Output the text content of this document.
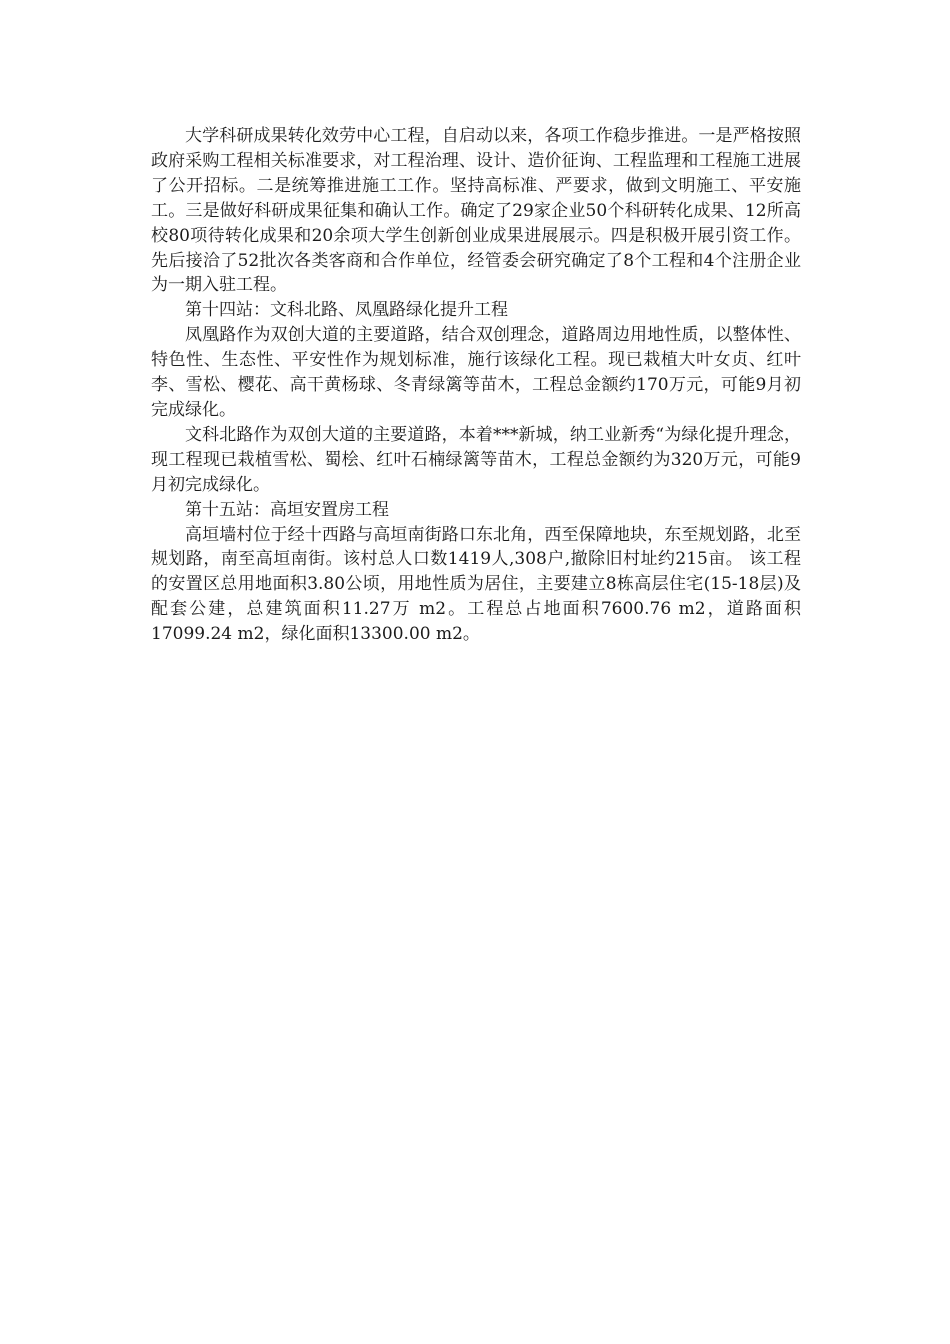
大学科研成果转化效劳中心工程，自启动以来，各项工作稳步推进。一是严格按照政府采购工程相关标准要求，对工程治理、设计、造价征询、工程监理和工程施工进展了公开招标。二是统筹推进施工工作。坚持高标准、严要求，做到文明施工、平安施工。三是做好科研成果征集和确认工作。确定了29家企业50个科研转化成果、12所高校80项待转化成果和20余项大学生创新创业成果进展展示。四是积极开展引资工作。先后接洽了52批次各类客商和合作单位，经管委会研究确定了8个工程和4个注册企业为一期入驻工程。

第十四站：文科北路、凤凰路绿化提升工程

凤凰路作为双创大道的主要道路，结合双创理念，道路周边用地性质，以整体性、特色性、生态性、平安性作为规划标准，施行该绿化工程。现已栽植大叶女贞、红叶李、雪松、樱花、高干黄杨球、冬青绿篱等苗木，工程总金额约170万元，可能9月初完成绿化。

文科北路作为双创大道的主要道路，本着***新城，纳工业新秀“为绿化提升理念，现工程现已栽植雪松、蜀桧、红叶石楠绿篱等苗木，工程总金额约为320万元，可能9月初完成绿化。

第十五站：高垣安置房工程

高垣墙村位于经十西路与高垣南街路口东北角，西至保障地块，东至规划路，北至规划路，南至高垣南街。该村总人口数1419人,308户,撤除旧村址约215亩。 该工程的安置区总用地面积3.80公顷，用地性质为居住，主要建立8栋高层住宅(15-18层)及配套公建，总建筑面积11.27万 m2。工程总占地面积7600.76 m2，道路面积17099.24 m2，绿化面积13300.00 m2。
